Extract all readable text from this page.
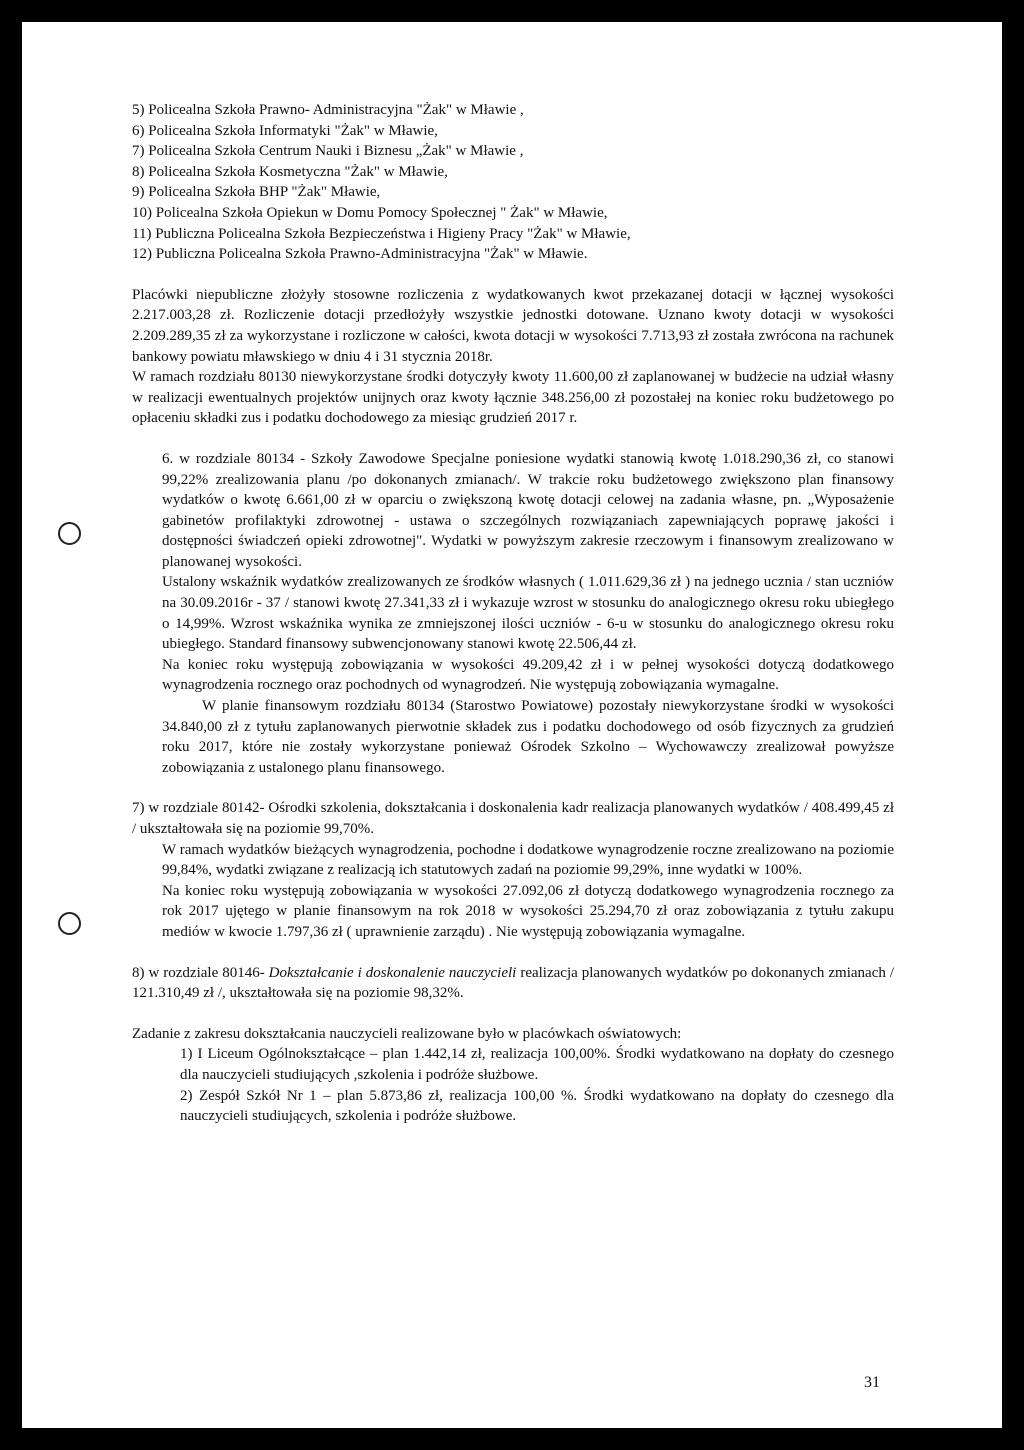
5) Policealna Szkoła Prawno- Administracyjna "Żak" w Mławie ,
6) Policealna Szkoła Informatyki "Żak" w Mławie,
7) Policealna Szkoła Centrum Nauki i Biznesu „Żak" w Mławie ,
8) Policealna Szkoła Kosmetyczna "Żak" w Mławie,
9) Policealna Szkoła BHP "Żak" Mławie,
10) Policealna Szkoła Opiekun w Domu Pomocy Społecznej " Żak" w Mławie,
11) Publiczna Policealna Szkoła Bezpieczeństwa i Higieny Pracy "Żak" w Mławie,
12) Publiczna Policealna Szkoła Prawno-Administracyjna "Żak" w Mławie.

Placówki niepubliczne złożyły stosowne rozliczenia z wydatkowanych kwot przekazanej dotacji w łącznej wysokości 2.217.003,28 zł. Rozliczenie dotacji przedłożyły wszystkie jednostki dotowane. Uznano kwoty dotacji w wysokości 2.209.289,35 zł za wykorzystane i rozliczone w całości, kwota dotacji w wysokości 7.713,93 zł została zwrócona na rachunek bankowy powiatu mławskiego w dniu 4 i 31 stycznia 2018r.

W ramach rozdziału 80130 niewykorzystane środki dotyczyły kwoty 11.600,00 zł zaplanowanej w budżecie na udział własny w realizacji ewentualnych projektów unijnych oraz kwoty łącznie 348.256,00 zł pozostałej na koniec roku budżetowego po opłaceniu składki zus i podatku dochodowego za miesiąc grudzień 2017 r.

6. w rozdziale 80134 - Szkoły Zawodowe Specjalne poniesione wydatki stanowią kwotę 1.018.290,36 zł, co stanowi 99,22% zrealizowania planu /po dokonanych zmianach/. W trakcie roku budżetowego zwiększono plan finansowy wydatków o kwotę 6.661,00 zł w oparciu o zwiększoną kwotę dotacji celowej na zadania własne, pn. „Wyposażenie gabinetów profilaktyki zdrowotnej - ustawa o szczególnych rozwiązaniach zapewniających poprawę jakości i dostępności świadczeń opieki zdrowotnej". Wydatki w powyższym zakresie rzeczowym i finansowym zrealizowano w planowanej wysokości.

Ustalony wskaźnik wydatków zrealizowanych ze środków własnych ( 1.011.629,36 zł ) na jednego ucznia / stan uczniów na 30.09.2016r - 37 / stanowi kwotę 27.341,33 zł i wykazuje wzrost w stosunku do analogicznego okresu roku ubiegłego o 14,99%. Wzrost wskaźnika wynika ze zmniejszonej ilości uczniów - 6-u w stosunku do analogicznego okresu roku ubiegłego. Standard finansowy subwencjonowany stanowi kwotę 22.506,44 zł.

Na koniec roku występują zobowiązania w wysokości 49.209,42 zł i w pełnej wysokości dotyczą dodatkowego wynagrodzenia rocznego oraz pochodnych od wynagrodzeń. Nie występują zobowiązania wymagalne.

W planie finansowym rozdziału 80134 (Starostwo Powiatowe) pozostały niewykorzystane środki w wysokości 34.840,00 zł z tytułu zaplanowanych pierwotnie składek zus i podatku dochodowego od osób fizycznych za grudzień roku 2017, które nie zostały wykorzystane ponieważ Ośrodek Szkolno – Wychowawczy zrealizował powyższe zobowiązania z ustalonego planu finansowego.

7) w rozdziale 80142- Ośrodki szkolenia, dokształcania i doskonalenia kadr realizacja planowanych wydatków / 408.499,45 zł / ukształtowała się na poziomie 99,70%.

W ramach wydatków bieżących wynagrodzenia, pochodne i dodatkowe wynagrodzenie roczne zrealizowano na poziomie 99,84%, wydatki związane z realizacją ich statutowych zadań na poziomie 99,29%, inne wydatki w 100%.

Na koniec roku występują zobowiązania w wysokości 27.092,06 zł dotyczą dodatkowego wynagrodzenia rocznego za rok 2017 ujętego w planie finansowym na rok 2018 w wysokości 25.294,70 zł oraz zobowiązania z tytułu zakupu mediów w kwocie 1.797,36 zł ( uprawnienie zarządu) . Nie występują zobowiązania wymagalne.

8) w rozdziale 80146- Dokształcanie i doskonalenie nauczycieli realizacja planowanych wydatków po dokonanych zmianach / 121.310,49 zł /, ukształtowała się na poziomie 98,32%.

Zadanie z zakresu dokształcania nauczycieli realizowane było w placówkach oświatowych:

1) I Liceum Ogólnokształcące – plan 1.442,14 zł, realizacja 100,00%. Środki wydatkowano na dopłaty do czesnego dla nauczycieli studiujących ,szkolenia i podróże służbowe.

2) Zespół Szkół Nr 1 – plan 5.873,86 zł, realizacja 100,00 %. Środki wydatkowano na dopłaty do czesnego dla nauczycieli studiujących, szkolenia i podróże służbowe.

31
